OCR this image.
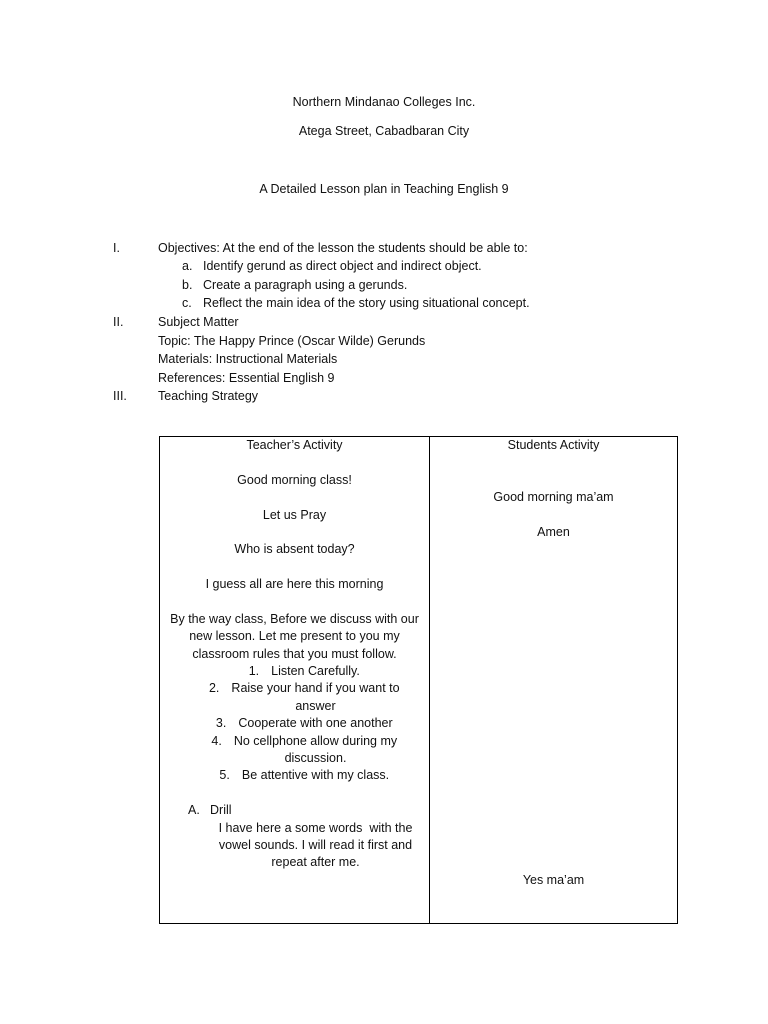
Northern Mindanao Colleges Inc.
Atega Street, Cabadbaran City
A Detailed Lesson plan in Teaching English 9
I.	Objectives: At the end of the lesson the students should be able to:
a. Identify gerund as direct object and indirect object.
b. Create a paragraph using a gerunds.
c. Reflect the main idea of the story using situational concept.
II.	Subject Matter
Topic: The Happy Prince (Oscar Wilde) Gerunds
Materials: Instructional Materials
References: Essential English 9
III. Teaching Strategy
Teacher’s Activity
Good morning class!
Let us Pray
Who is absent today?
I guess all are here this morning
By the way class, Before we discuss with our
new lesson. Let me present to you my
classroom rules that you must follow.
1. Listen Carefully.
2. Raise your hand if you want to
answer
3. Cooperate with one another
4. No cellphone allow during my
discussion.
5. Be attentive with my class.
A. Drill
I have here a some words  with the
vowel sounds. I will read it first and
repeat after me.
Students Activity
Good morning ma’am
Amen
Yes ma’am
